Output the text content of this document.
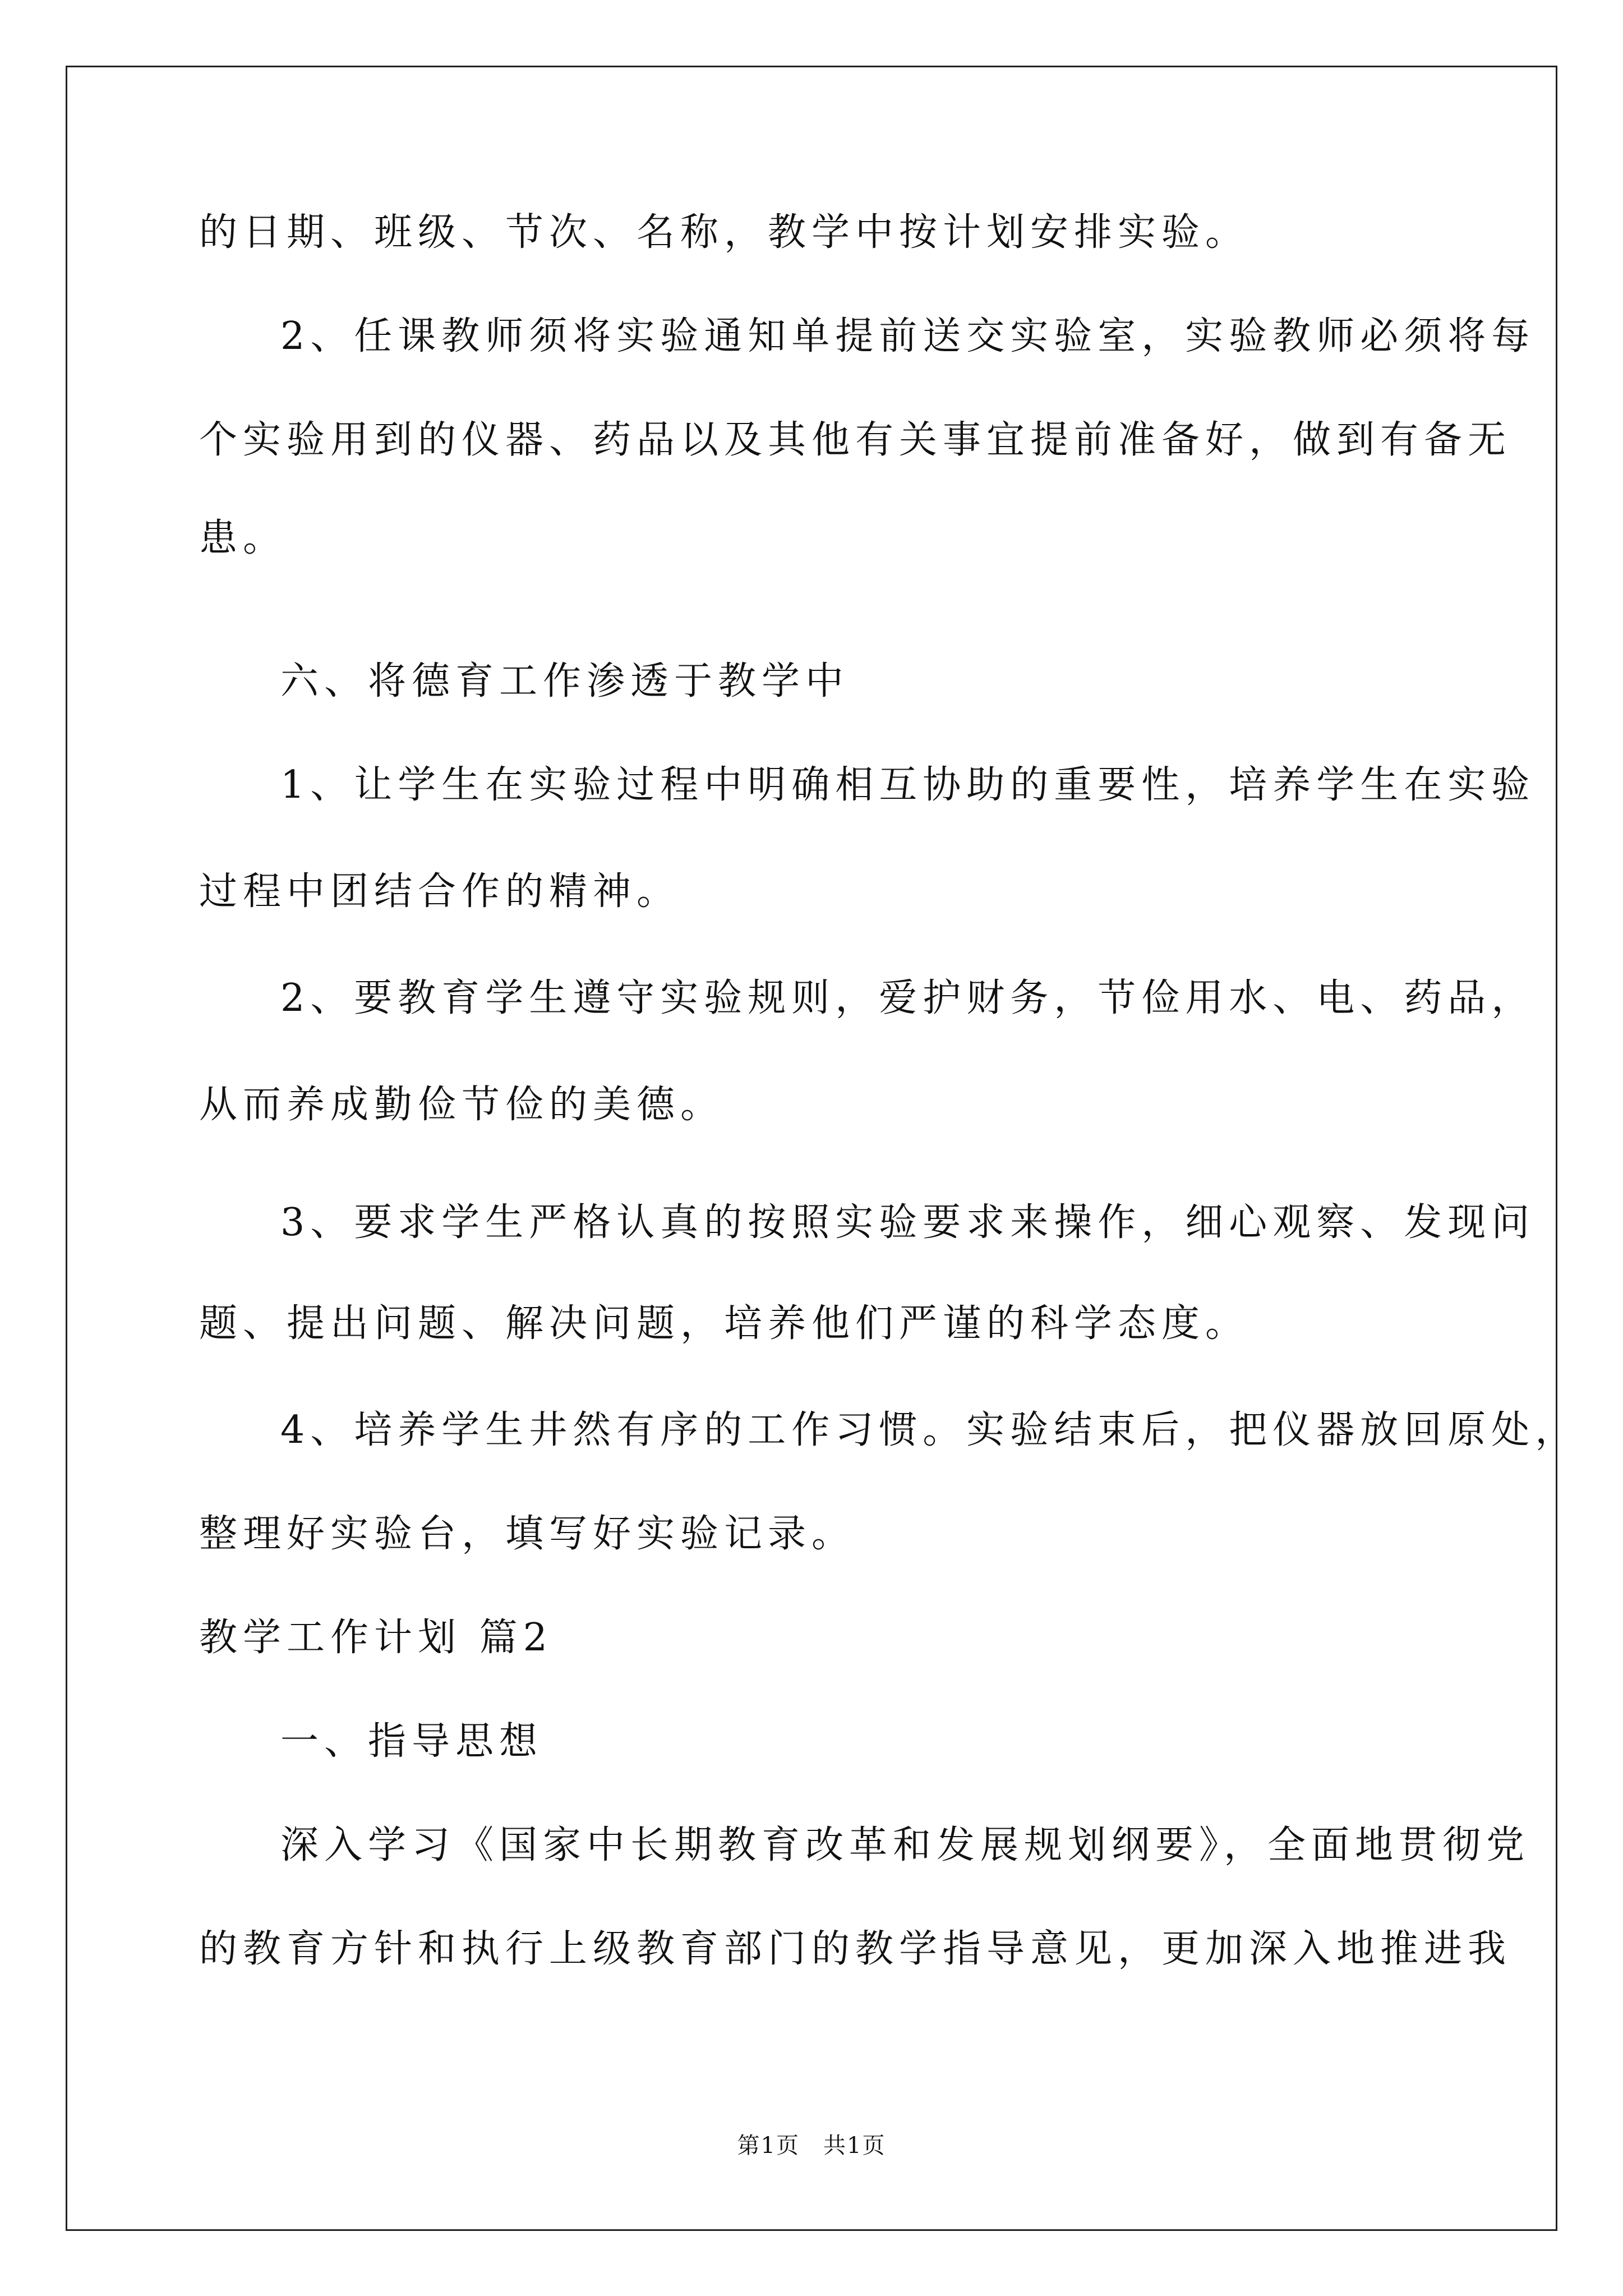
的日期、班级、节次、名称，教学中按计划安排实验。

2、任课教师须将实验通知单提前送交实验室，实验教师必须将每

个实验用到的仪器、药品以及其他有关事宜提前准备好，做到有备无

患。

六、将德育工作渗透于教学中

1、让学生在实验过程中明确相互协助的重要性，培养学生在实验

过程中团结合作的精神。

2、要教育学生遵守实验规则，爱护财务，节俭用水、电、药品，

从而养成勤俭节俭的美德。

3、要求学生严格认真的按照实验要求来操作，细心观察、发现问

题、提出问题、解决问题，培养他们严谨的科学态度。

4、培养学生井然有序的工作习惯。实验结束后，把仪器放回原处，

整理好实验台，填写好实验记录。

教学工作计划 篇2

一、指导思想

深入学习《国家中长期教育改革和发展规划纲要》，全面地贯彻党

的教育方针和执行上级教育部门的教学指导意见，更加深入地推进我

第1页　共1页
